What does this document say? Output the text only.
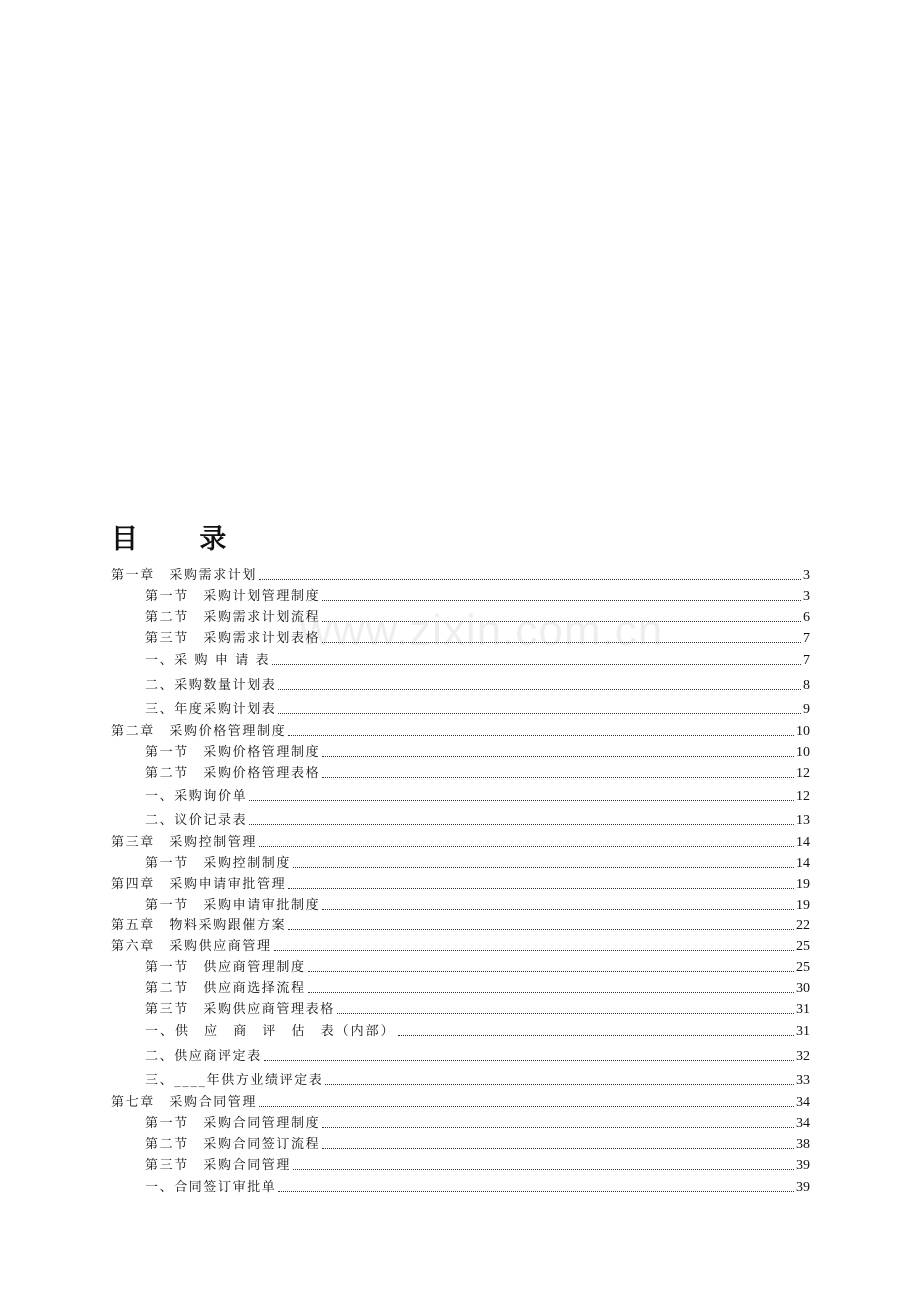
www.zixin.com.cn
目 录
第一章　采购需求计划	3
第一节　采购计划管理制度	3
第二节　采购需求计划流程	6
第三节　采购需求计划表格	7
一、采 购 申 请 表	7
二、采购数量计划表	8
三、年度采购计划表	9
第二章　采购价格管理制度	10
第一节　采购价格管理制度	10
第二节　采购价格管理表格	12
一、采购询价单	12
二、议价记录表	13
第三章　采购控制管理	14
第一节　采购控制制度	14
第四章　采购申请审批管理	19
第一节　采购申请审批制度	19
第五章　物料采购跟催方案	22
第六章　采购供应商管理	25
第一节　供应商管理制度	25
第二节　供应商选择流程	30
第三节　采购供应商管理表格	31
一、供 应 商 评 估 表（内部）	31
二、供应商评定表	32
三、____年供方业绩评定表	33
第七章　采购合同管理	34
第一节　采购合同管理制度	34
第二节　采购合同签订流程	38
第三节　采购合同管理	39
一、合同签订审批单	39
